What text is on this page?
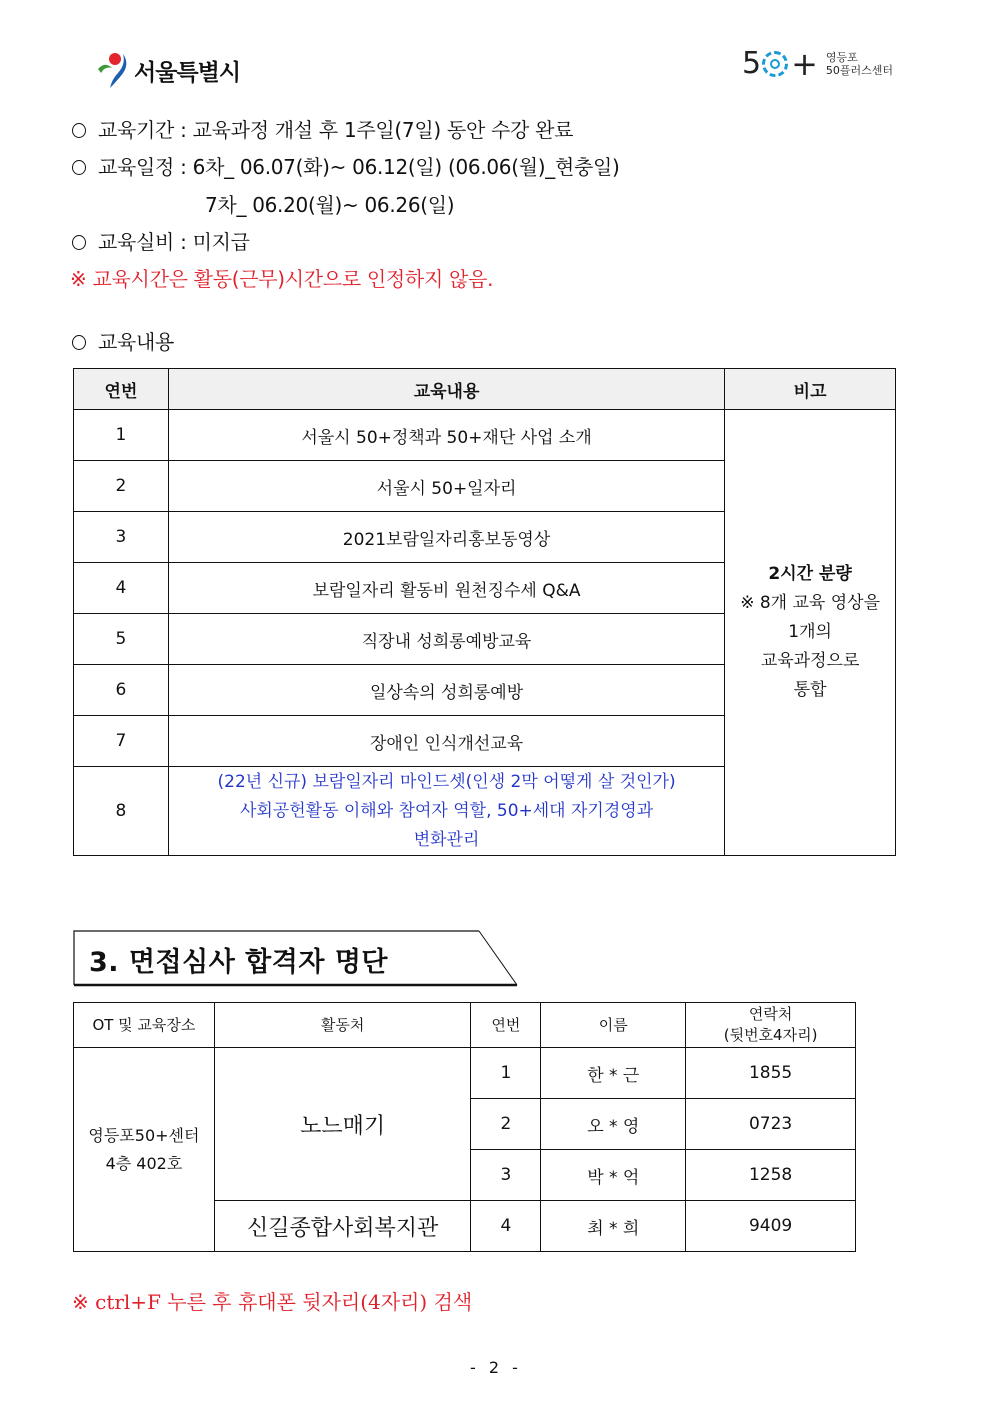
서울특별시	5 + 영등포
50플러스센터
교육기간 : 교육과정 개설 후 1주일(7일) 동안 수강 완료
교육일정 : 6차_ 06.07(화)~ 06.12(일) (06.06(월)_현충일)
7차_ 06.20(월)~ 06.26(일)
교육실비 : 미지급
※ 교육시간은 활동(근무)시간으로 인정하지 않음.
교육내용
연번	교육내용	비고
1	서울시 50+정책과 50+재단 사업 소개	2시간 분량
※ 8개 교육 영상을
1개의
교육과정으로
통합
2	서울시 50+일자리	
3	2021보람일자리홍보동영상	
4	보람일자리 활동비 원천징수세 Q&A	
5	직장내 성희롱예방교육	
6	일상속의 성희롱예방	
7	장애인 인식개선교육	
8	(22년 신규) 보람일자리 마인드셋(인생 2막 어떻게 살 것인가)
사회공헌활동 이해와 참여자 역할, 50+세대 자기경영과
변화관리	
3. 면접심사 합격자 명단
OT 및 교육장소	활동처	연번	이름	연락처
(뒷번호4자리)
영등포50+센터
4층 402호	노느매기	1	한 * 근	1855
		2	오 * 영	0723
		3	박 * 억	1258
	신길종합사회복지관	4	최 * 희	9409
※ ctrl+F 누른 후 휴대폰 뒷자리(4자리) 검색
- 2 -
